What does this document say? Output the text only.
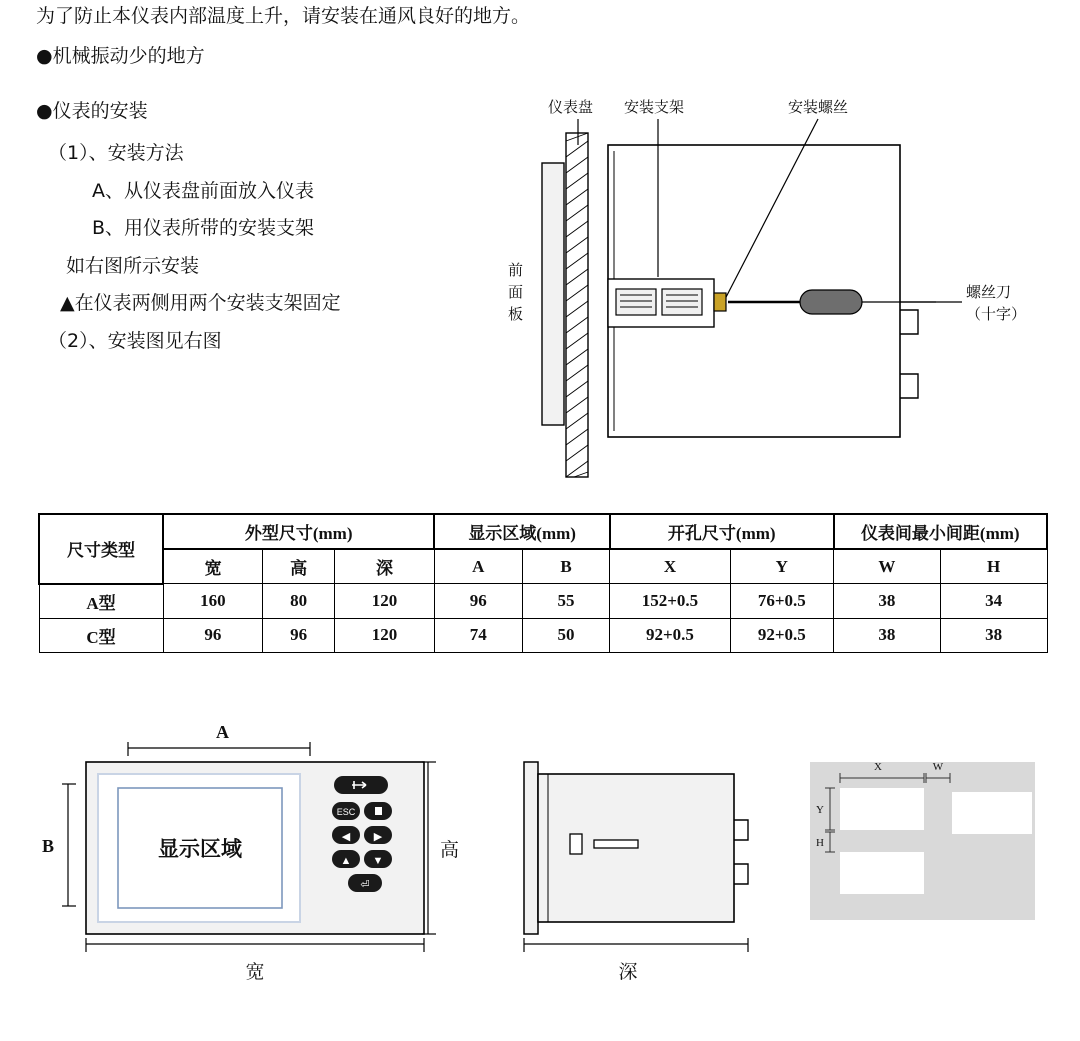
为了防止本仪表内部温度上升，请安装在通风良好的地方。
●机械振动少的地方
●仪表的安装
（1）、安装方法
A、从仪表盘前面放入仪表
B、用仪表所带的安装支架
如右图所示安装
▲在仪表两侧用两个安装支架固定
（2）、安装图见右图
仪表盘 安装支架	安装螺丝
前
面
板
螺丝刀
（十字）
尺寸类型	外型尺寸(mm)			显示区域(mm)		开孔尺寸(mm)		仪表间最小间距(mm)	
	宽	高	深	A	B	X	Y	W	H
A型	160	80	120	96	55	152+0.5	76+0.5	38	34
C型	96	96	120	74	50	92+0.5	92+0.5	38	38
A
显示区域
ESC
◀ ▶
▲ ▼
⏎
B	高
宽	深
X	W
Y
H
